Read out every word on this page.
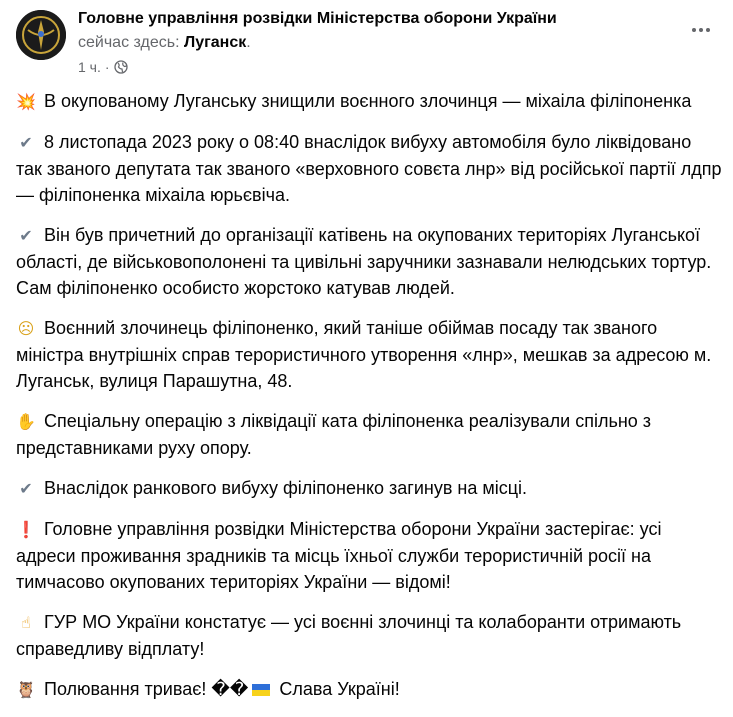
Головне управління розвідки Міністерства оборони України
сейчас здесь: Луганск.
1 ч. ·
💥 В окупованому Луганську знищили воєнного злочинця — міхаіла філіпоненка
✔ 8 листопада 2023 року о 08:40 внаслідок вибуху автомобіля було ліквідовано так званого депутата так званого «верховного совєта лнр» від російської партії лдпр — філіпоненка міхаіла юрьєвіча.
✔ Він був причетний до організації катівень на окупованих територіях Луганської області, де військовополонені та цивільні заручники зазнавали нелюдських тортур. Сам філіпоненко особисто жорстоко катував людей.
☹ Воєнний злочинець філіпоненко, який таніше обіймав посаду так званого міністра внутрішніх справ терористичного утворення «лнр», мешкав за адресою м. Луганськ, вулиця Парашутна, 48.
✋ Спеціальну операцію з ліквідації ката філіпоненка реалізували спільно з представниками руху опору.
✔ Внаслідок ранкового вибуху філіпоненко загинув на місці.
❗ Головне управління розвідки Міністерства оборони України застерігає: усі адреси проживання зрадників та місць їхньої служби терористичній росії на тимчасово окупованих територіях України — відомі!
☝ ГУР МО України констатує — усі воєнні злочинці та колаборанти отримають справедливу відплату!
🦉 Полювання триває! ��
Слава Україні!
